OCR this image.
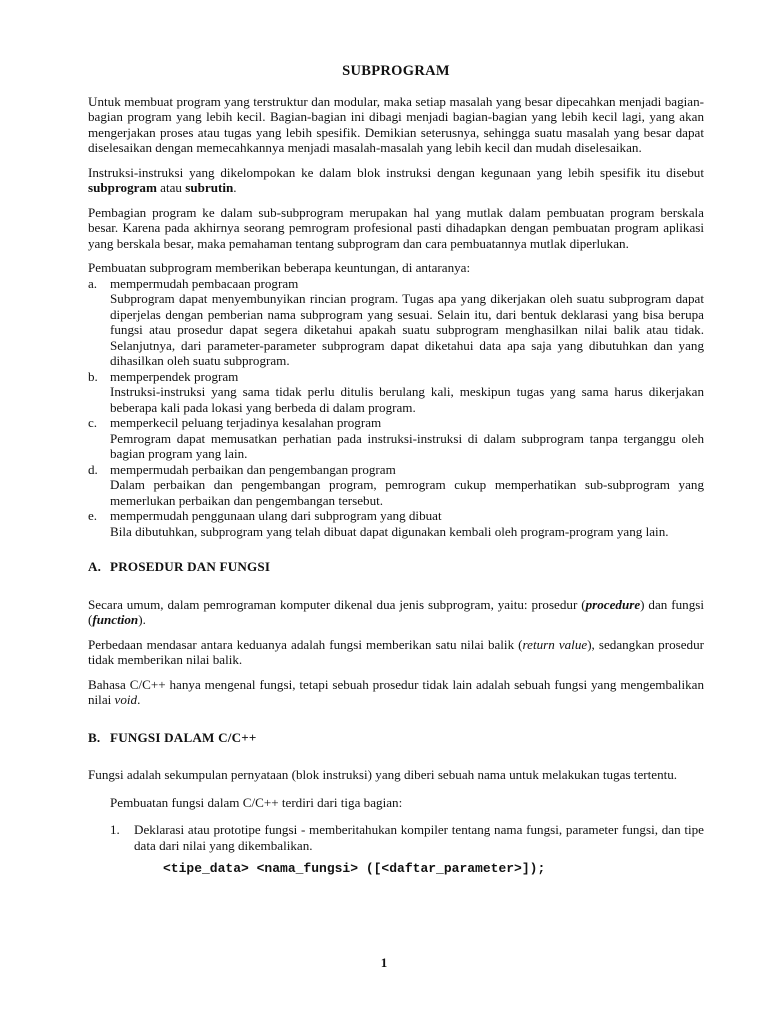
SUBPROGRAM

Untuk membuat program yang terstruktur dan modular, maka setiap masalah yang besar dipecahkan menjadi bagian-bagian program yang lebih kecil. Bagian-bagian ini dibagi menjadi bagian-bagian yang lebih kecil lagi, yang akan mengerjakan proses atau tugas yang lebih spesifik. Demikian seterusnya, sehingga suatu masalah yang besar dapat diselesaikan dengan memecahkannya menjadi masalah-masalah yang lebih kecil dan mudah diselesaikan.

Instruksi-instruksi yang dikelompokan ke dalam blok instruksi dengan kegunaan yang lebih spesifik itu disebut subprogram atau subrutin.

Pembagian program ke dalam sub-subprogram merupakan hal yang mutlak dalam pembuatan program berskala besar. Karena pada akhirnya seorang pemrogram profesional pasti dihadapkan dengan pembuatan program aplikasi yang berskala besar, maka pemahaman tentang subprogram dan cara pembuatannya mutlak diperlukan.

Pembuatan subprogram memberikan beberapa keuntungan, di antaranya:

a. mempermudah pembacaan program
Subprogram dapat menyembunyikan rincian program. Tugas apa yang dikerjakan oleh suatu subprogram dapat diperjelas dengan pemberian nama subprogram yang sesuai. Selain itu, dari bentuk deklarasi yang bisa berupa fungsi atau prosedur dapat segera diketahui apakah suatu subprogram menghasilkan nilai balik atau tidak. Selanjutnya, dari parameter-parameter subprogram dapat diketahui data apa saja yang dibutuhkan dan yang dihasilkan oleh suatu subprogram.
b. memperpendek program
Instruksi-instruksi yang sama tidak perlu ditulis berulang kali, meskipun tugas yang sama harus dikerjakan beberapa kali pada lokasi yang berbeda di dalam program.
c. memperkecil peluang terjadinya kesalahan program
Pemrogram dapat memusatkan perhatian pada instruksi-instruksi di dalam subprogram tanpa terganggu oleh bagian program yang lain.
d. mempermudah perbaikan dan pengembangan program
Dalam perbaikan dan pengembangan program, pemrogram cukup memperhatikan sub-subprogram yang memerlukan perbaikan dan pengembangan tersebut.
e. mempermudah penggunaan ulang dari subprogram yang dibuat
Bila dibutuhkan, subprogram yang telah dibuat dapat digunakan kembali oleh program-program yang lain.
A. PROSEDUR DAN FUNGSI

Secara umum, dalam pemrograman komputer dikenal dua jenis subprogram, yaitu: prosedur (procedure) dan fungsi (function).

Perbedaan mendasar antara keduanya adalah fungsi memberikan satu nilai balik (return value), sedangkan prosedur tidak memberikan nilai balik.

Bahasa C/C++ hanya mengenal fungsi, tetapi sebuah prosedur tidak lain adalah sebuah fungsi yang mengembalikan nilai void.

B. FUNGSI DALAM C/C++

Fungsi adalah sekumpulan pernyataan (blok instruksi) yang diberi sebuah nama untuk melakukan tugas tertentu.

Pembuatan fungsi dalam C/C++ terdiri dari tiga bagian:

1.	Deklarasi atau prototipe fungsi - memberitahukan kompiler tentang nama fungsi, parameter fungsi, dan tipe data dari nilai yang dikembalikan.
<tipe_data> <nama_fungsi> ([<daftar_parameter>]);
1
